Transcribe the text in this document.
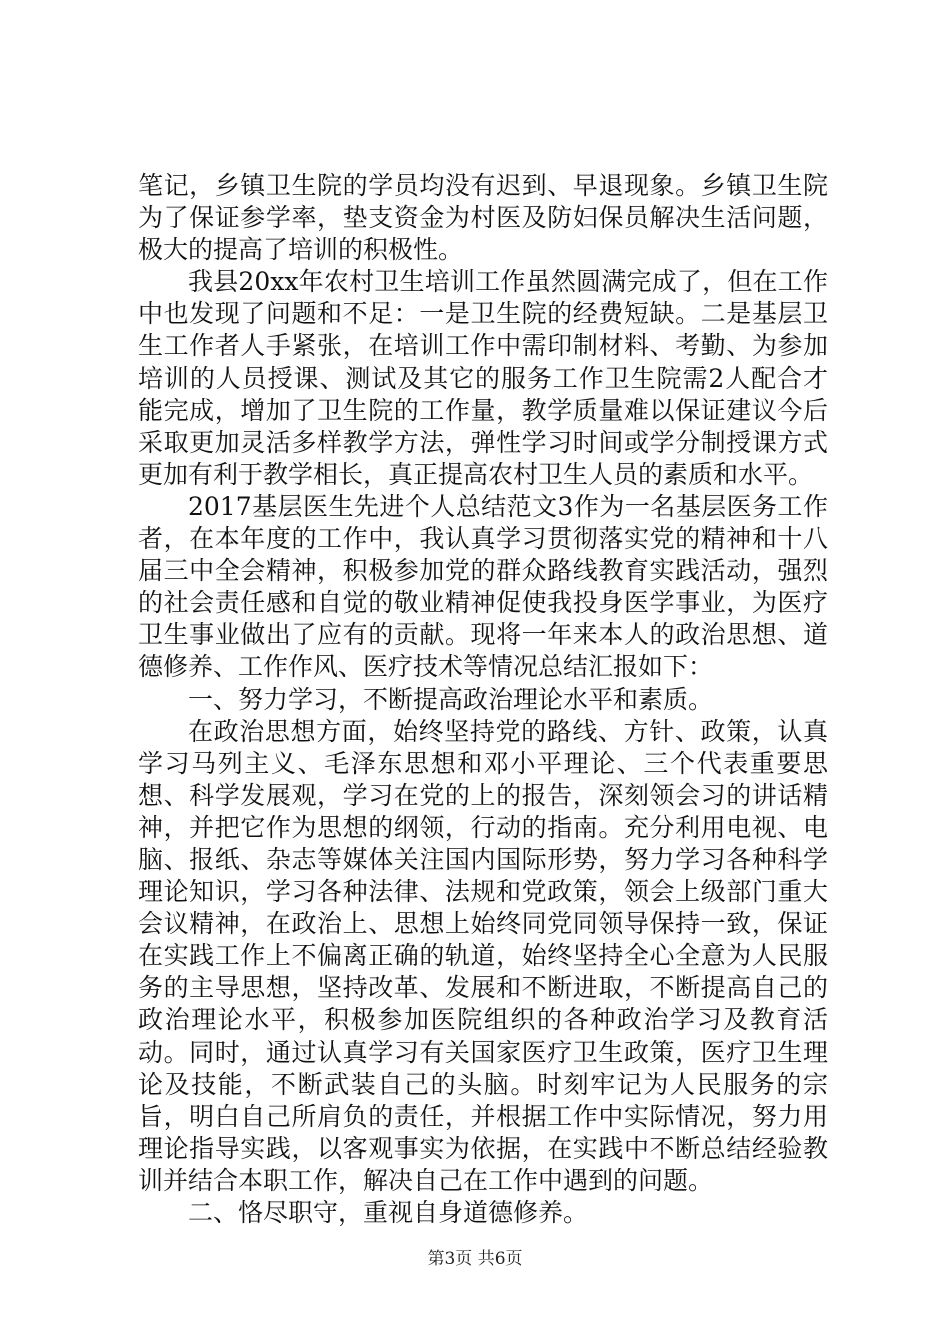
笔记，乡镇卫生院的学员均没有迟到、早退现象。乡镇卫生院为了保证参学率，垫支资金为村医及防妇保员解决生活问题，极大的提高了培训的积极性。

我县20xx年农村卫生培训工作虽然圆满完成了，但在工作中也发现了问题和不足：一是卫生院的经费短缺。二是基层卫生工作者人手紧张，在培训工作中需印制材料、考勤、为参加培训的人员授课、测试及其它的服务工作卫生院需2人配合才能完成，增加了卫生院的工作量，教学质量难以保证建议今后采取更加灵活多样教学方法，弹性学习时间或学分制授课方式更加有利于教学相长，真正提高农村卫生人员的素质和水平。

2017基层医生先进个人总结范文3作为一名基层医务工作者，在本年度的工作中，我认真学习贯彻落实党的精神和十八届三中全会精神，积极参加党的群众路线教育实践活动，强烈的社会责任感和自觉的敬业精神促使我投身医学事业，为医疗卫生事业做出了应有的贡献。现将一年来本人的政治思想、道德修养、工作作风、医疗技术等情况总结汇报如下：

一、努力学习，不断提高政治理论水平和素质。

在政治思想方面，始终坚持党的路线、方针、政策，认真学习马列主义、毛泽东思想和邓小平理论、三个代表重要思想、科学发展观，学习在党的上的报告，深刻领会习的讲话精神，并把它作为思想的纲领，行动的指南。充分利用电视、电脑、报纸、杂志等媒体关注国内国际形势，努力学习各种科学理论知识，学习各种法律、法规和党政策，领会上级部门重大会议精神，在政治上、思想上始终同党同领导保持一致，保证在实践工作上不偏离正确的轨道，始终坚持全心全意为人民服务的主导思想，坚持改革、发展和不断进取，不断提高自己的政治理论水平，积极参加医院组织的各种政治学习及教育活动。同时，通过认真学习有关国家医疗卫生政策，医疗卫生理论及技能，不断武装自己的头脑。时刻牢记为人民服务的宗旨，明白自己所肩负的责任，并根据工作中实际情况，努力用理论指导实践，以客观事实为依据，在实践中不断总结经验教训并结合本职工作，解决自己在工作中遇到的问题。

二、恪尽职守，重视自身道德修养。

第3页 共6页
